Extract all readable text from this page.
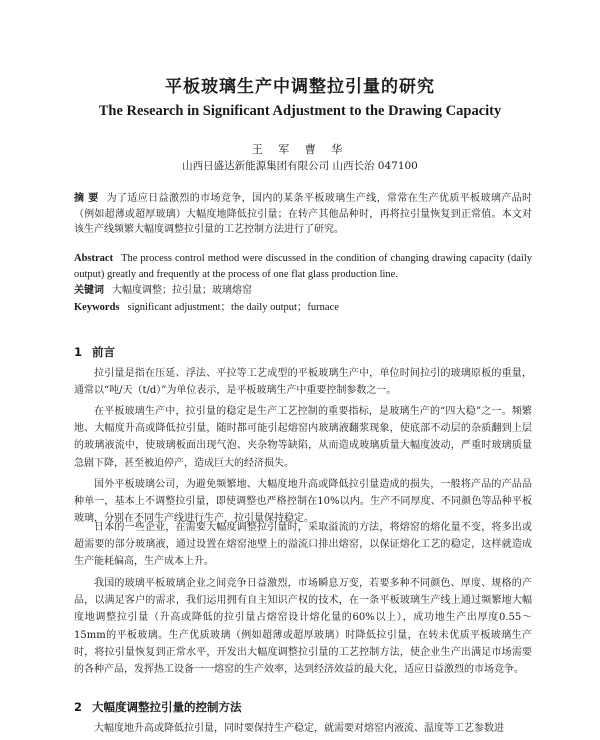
平板玻璃生产中调整拉引量的研究
The Research in Significant Adjustment to the Drawing Capacity
王 军 曹 华
山西日盛达新能源集团有限公司 山西长治 047100
摘 要 为了适应日益激烈的市场竞争，国内的某条平板玻璃生产线，常常在生产优质平板玻璃产品时（例如超薄或超厚玻璃）大幅度地降低拉引量；在转产其他品种时，再将拉引量恢复到正常值。本文对该生产线频繁大幅度调整拉引量的工艺控制方法进行了研究。
Abstract The process control method were discussed in the condition of changing drawing capacity (daily output) greatly and frequently at the process of one flat glass production line.
关键词 大幅度调整；拉引量；玻璃熔窑
Keywords significant adjustment；the daily output；furnace
1 前言

拉引量是指在压延、浮法、平拉等工艺成型的平板玻璃生产中，单位时间拉引的玻璃原板的重量，通常以“吨/天（t/d）”为单位表示，是平板玻璃生产中重要控制参数之一。

在平板玻璃生产中，拉引量的稳定是生产工艺控制的重要指标，是玻璃生产的“四大稳”之一。频繁地、大幅度升高或降低拉引量，随时都可能引起熔窑内玻璃液翻浆现象，使底部不动层的杂质翻到上层的玻璃液流中，使玻璃板面出现气泡、夹杂物等缺陷，从而造成玻璃质量大幅度波动，严重时玻璃质量急剧下降，甚至被迫停产，造成巨大的经济损失。

国外平板玻璃公司，为避免频繁地、大幅度地升高或降低拉引量造成的损失，一般将产品的产品品种单一，基本上不调整拉引量，即使调整也严格控制在10%以内。生产不同厚度、不同颜色等品种平板玻璃，分别在不同生产线进行生产，拉引量保持稳定。

日本的一些企业，在需要大幅度调整拉引量时，采取溢流的方法，将熔窑的熔化量不变，将多出或超需要的部分玻璃液，通过设置在熔窑池壁上的溢流口排出熔窑，以保证熔化工艺的稳定，这样就造成生产能耗偏高，生产成本上升。

我国的玻璃平板玻璃企业之间竞争日益激烈，市场瞬息万变，若要多种不同颜色、厚度、规格的产品，以满足客户的需求，我们运用拥有自主知识产权的技术，在一条平板玻璃生产线上通过频繁地大幅度地调整拉引量（升高或降低的拉引量占熔窑设计熔化量的60%以上），成功地生产出厚度0.55～15mm的平板玻璃。生产优质玻璃（例如超薄或超厚玻璃）时降低拉引量，在转未优质平板玻璃生产时，将拉引量恢复到正常水平，开发出大幅度调整拉引量的工艺控制方法，使企业生产出满足市场需要的各种产品，发挥热工设备一一熔窑的生产效率，达到经济效益的最大化，适应日益激烈的市场竞争。

2 大幅度调整拉引量的控制方法

大幅度地升高或降低拉引量，同时要保持生产稳定，就需要对熔窑内液流、温度等工艺参数进
